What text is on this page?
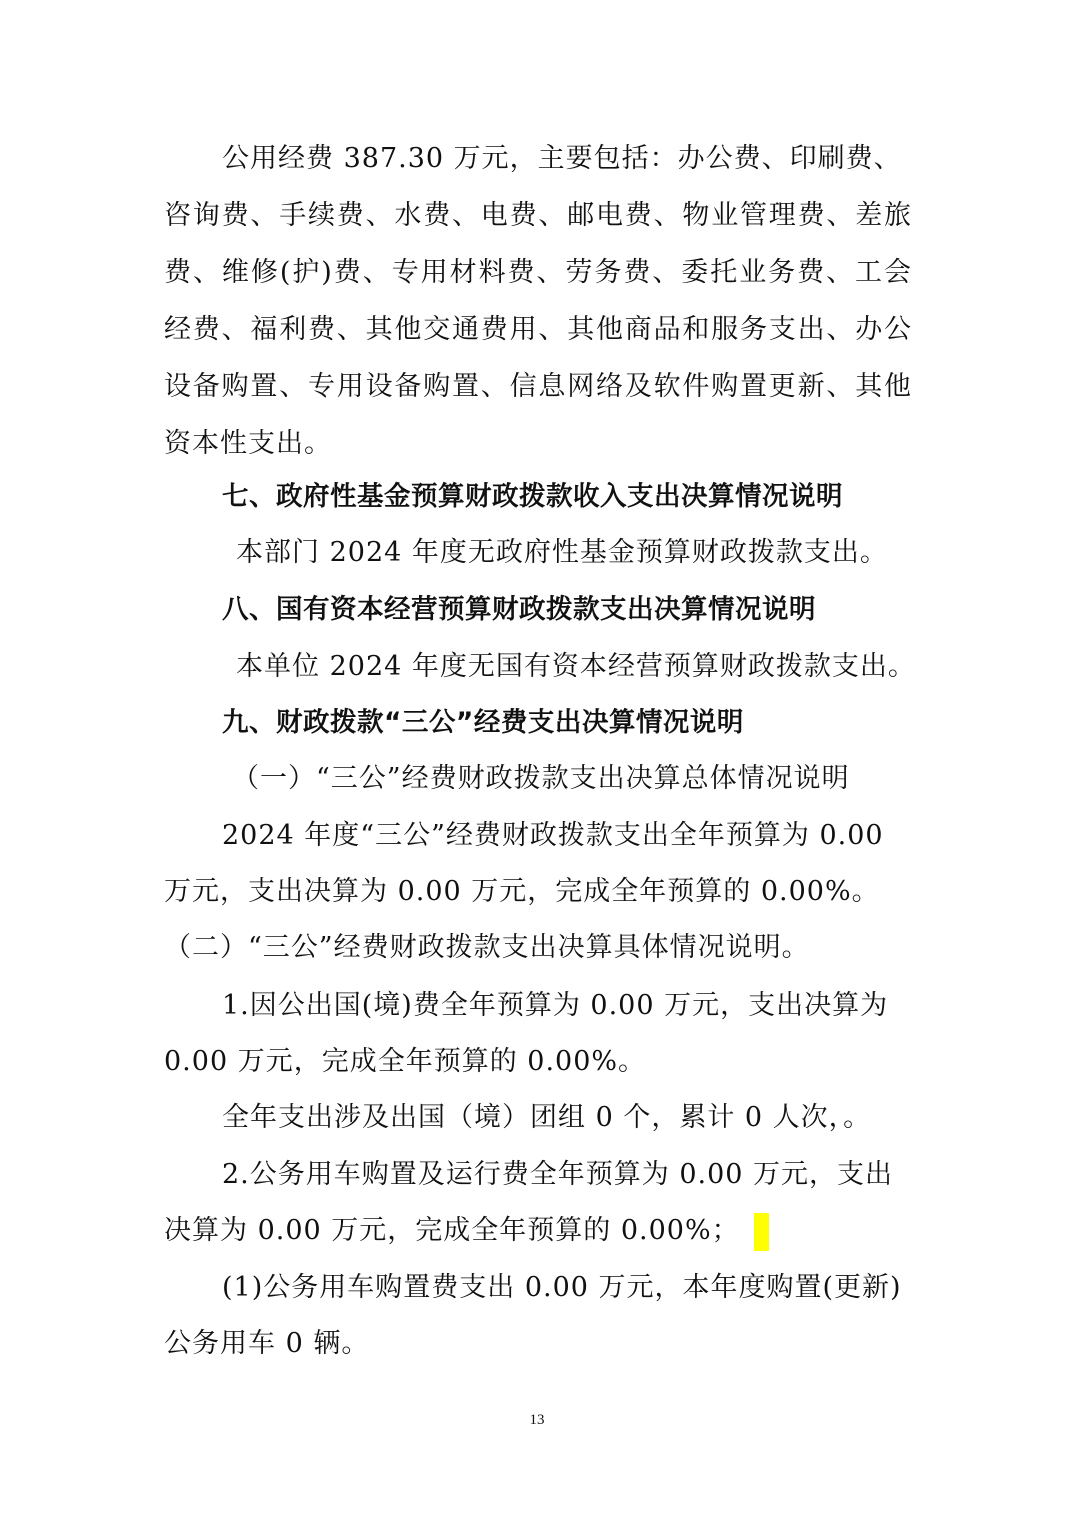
公用经费 387.30 万元，主要包括：办公费、印刷费、
咨询费、手续费、水费、电费、邮电费、物业管理费、差旅费、维修(护)费、专用材料费、劳务费、委托业务费、工会经费、福利费、其他交通费用、其他商品和服务支出、办公设备购置、专用设备购置、信息网络及软件购置更新、其他资本性支出。
七、政府性基金预算财政拨款收入支出决算情况说明
本部门 2024 年度无政府性基金预算财政拨款支出。
八、国有资本经营预算财政拨款支出决算情况说明
本单位 2024 年度无国有资本经营预算财政拨款支出。
九、财政拨款“三公”经费支出决算情况说明
（一）“三公”经费财政拨款支出决算总体情况说明
2024 年度“三公”经费财政拨款支出全年预算为 0.00
万元，支出决算为 0.00 万元，完成全年预算的 0.00%。
（二）“三公”经费财政拨款支出决算具体情况说明。
1.因公出国(境)费全年预算为 0.00 万元，支出决算为
0.00 万元，完成全年预算的 0.00%。
全年支出涉及出国（境）团组 0 个，累计 0 人次，。
2.公务用车购置及运行费全年预算为 0.00 万元，支出
决算为 0.00 万元，完成全年预算的 0.00%；
(1)公务用车购置费支出 0.00 万元，本年度购置(更新)
公务用车 0 辆。
13
